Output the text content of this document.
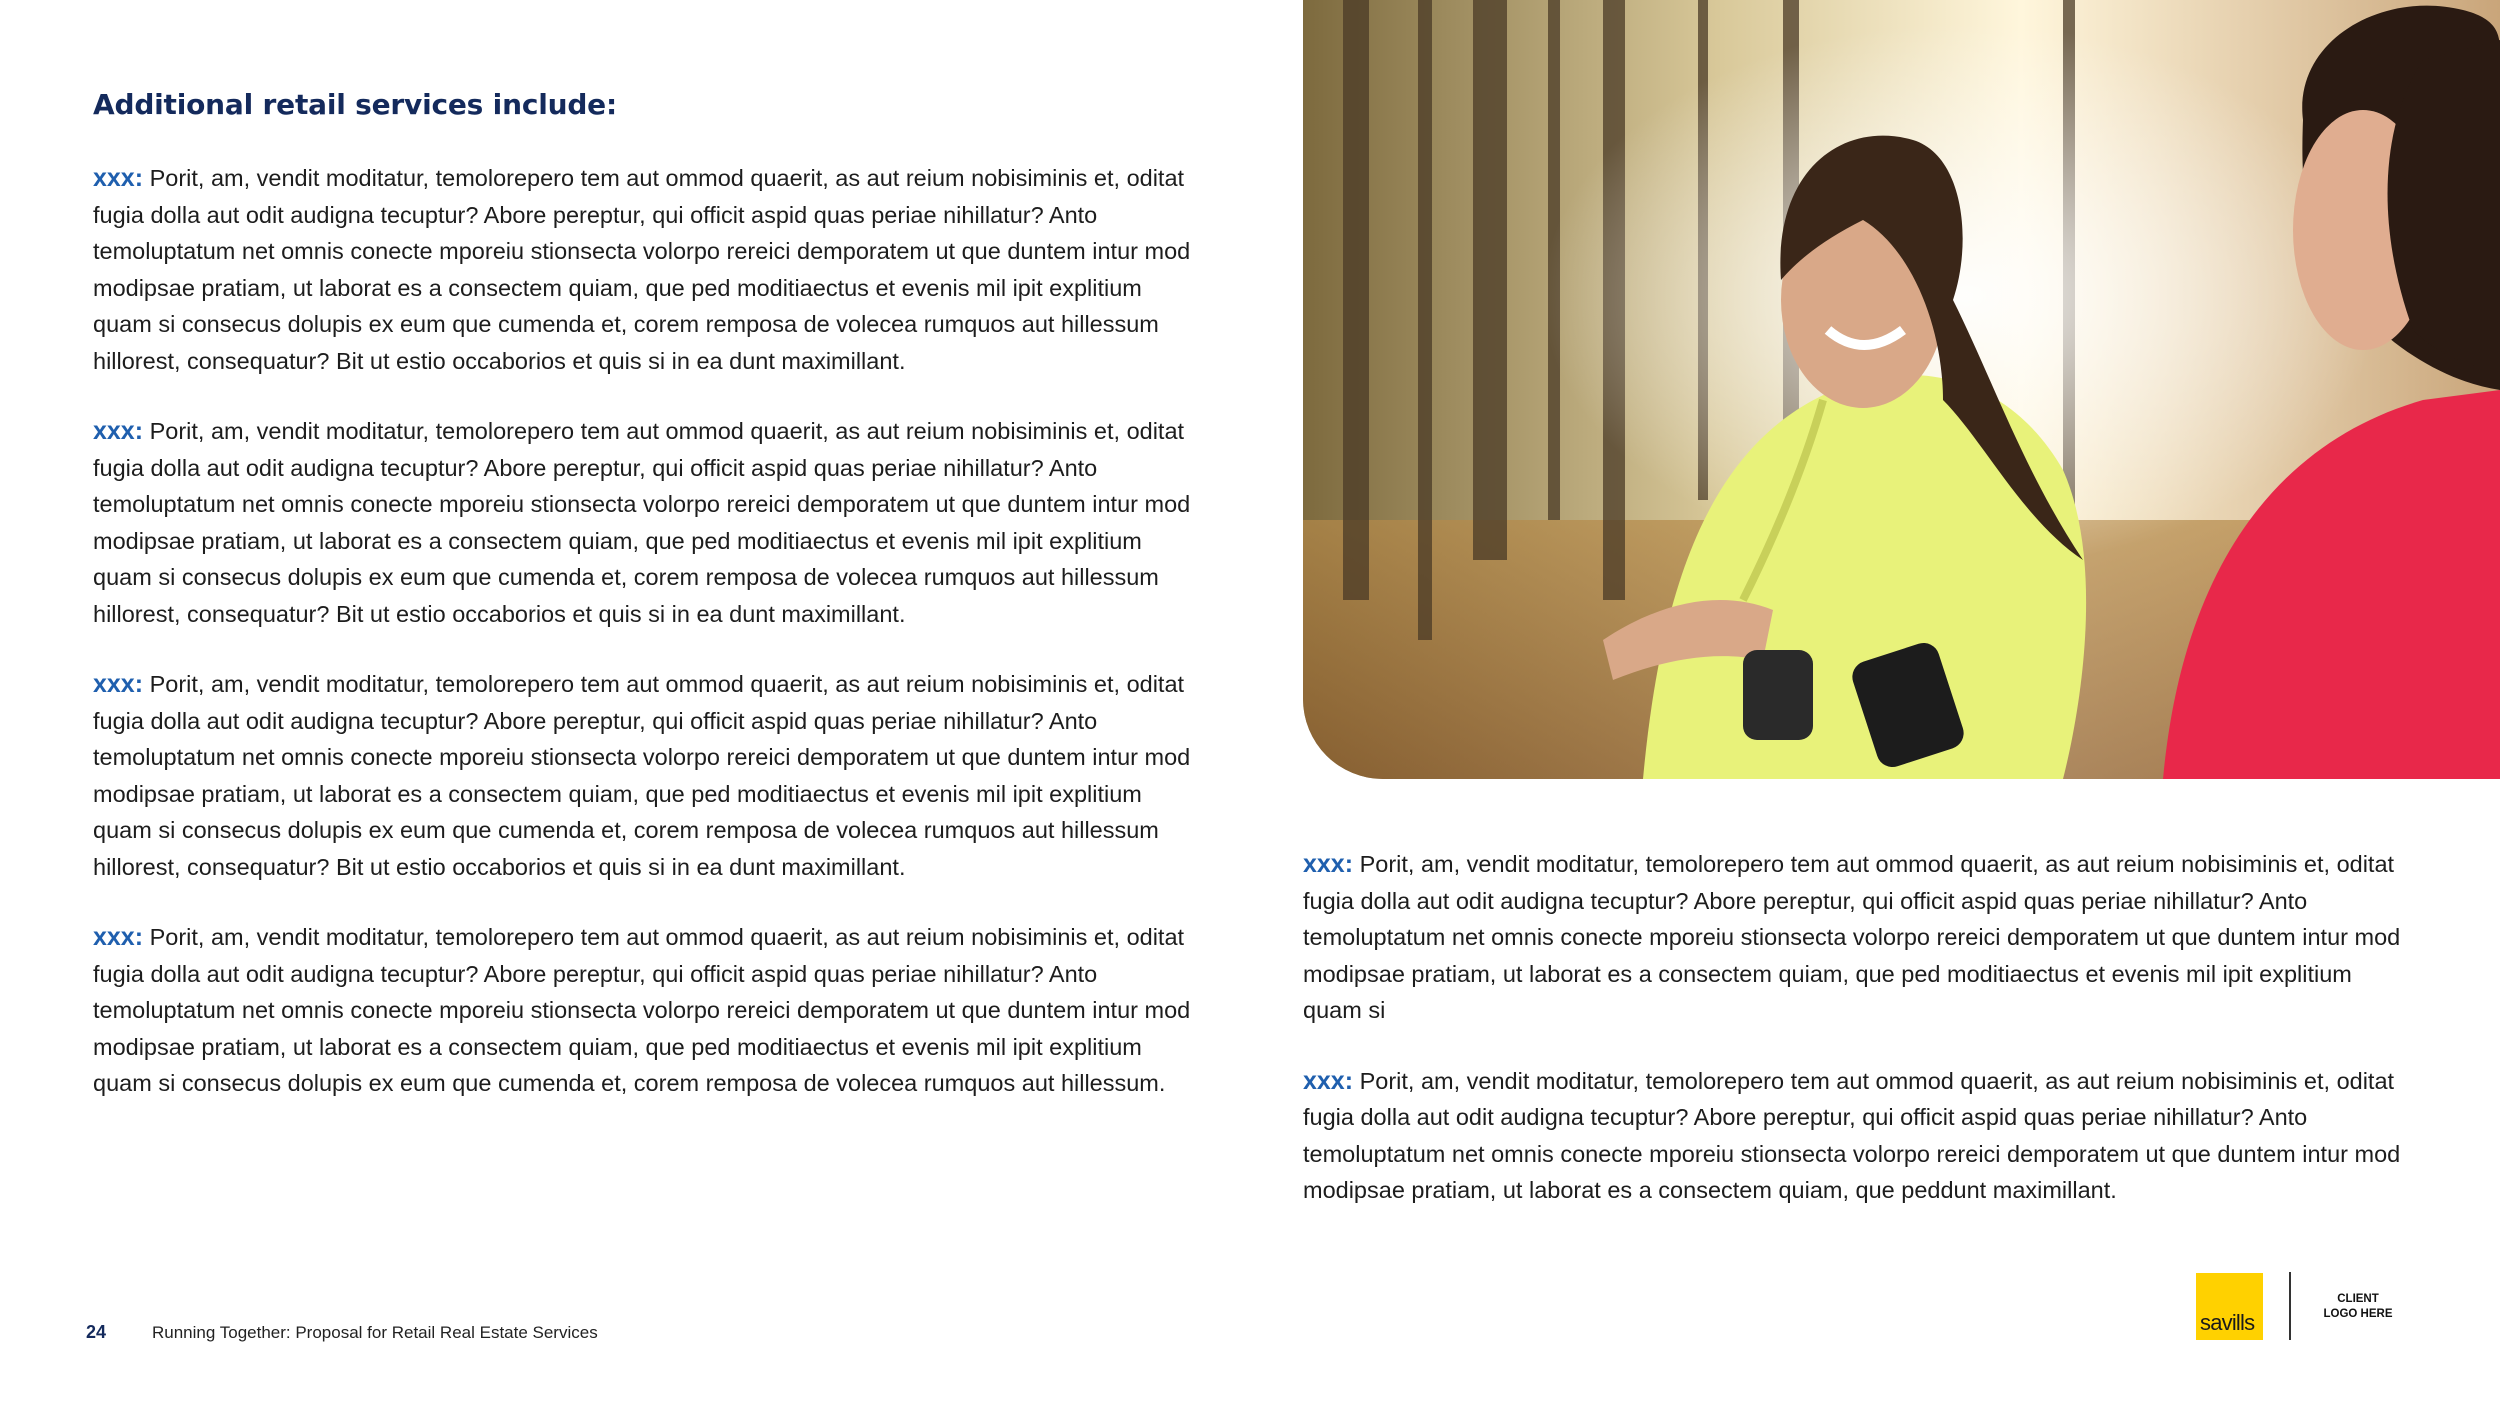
Additional retail services include:

xxx: Porit, am, vendit moditatur, temolorepero tem aut ommod quaerit, as aut reium nobisiminis et, oditat fugia dolla aut odit audigna tecuptur? Abore pereptur, qui officit aspid quas periae nihillatur? Anto temoluptatum net omnis conecte mporeiu stionsecta volorpo rereici demporatem ut que duntem intur mod modipsae pratiam, ut laborat es a consectem quiam, que ped moditiaectus et evenis mil ipit explitium quam si consecus dolupis ex eum que cumenda et, corem remposa de volecea rumquos aut hillessum hillorest, consequatur? Bit ut estio occaborios et quis si in ea dunt maximillant.

xxx: Porit, am, vendit moditatur, temolorepero tem aut ommod quaerit, as aut reium nobisiminis et, oditat fugia dolla aut odit audigna tecuptur? Abore pereptur, qui officit aspid quas periae nihillatur? Anto temoluptatum net omnis conecte mporeiu stionsecta volorpo rereici demporatem ut que duntem intur mod modipsae pratiam, ut laborat es a consectem quiam, que ped moditiaectus et evenis mil ipit explitium quam si consecus dolupis ex eum que cumenda et, corem remposa de volecea rumquos aut hillessum hillorest, consequatur? Bit ut estio occaborios et quis si in ea dunt maximillant.

xxx: Porit, am, vendit moditatur, temolorepero tem aut ommod quaerit, as aut reium nobisiminis et, oditat fugia dolla aut odit audigna tecuptur? Abore pereptur, qui officit aspid quas periae nihillatur? Anto temoluptatum net omnis conecte mporeiu stionsecta volorpo rereici demporatem ut que duntem intur mod modipsae pratiam, ut laborat es a consectem quiam, que ped moditiaectus et evenis mil ipit explitium quam si consecus dolupis ex eum que cumenda et, corem remposa de volecea rumquos aut hillessum hillorest, consequatur? Bit ut estio occaborios et quis si in ea dunt maximillant.

xxx: Porit, am, vendit moditatur, temolorepero tem aut ommod quaerit, as aut reium nobisiminis et, oditat fugia dolla aut odit audigna tecuptur? Abore pereptur, qui officit aspid quas periae nihillatur? Anto temoluptatum net omnis conecte mporeiu stionsecta volorpo rereici demporatem ut que duntem intur mod modipsae pratiam, ut laborat es a consectem quiam, que ped moditiaectus et evenis mil ipit explitium quam si consecus dolupis ex eum que cumenda et, corem remposa de volecea rumquos aut hillessum.

xxx: Porit, am, vendit moditatur, temolorepero tem aut ommod quaerit, as aut reium nobisiminis et, oditat fugia dolla aut odit audigna tecuptur? Abore pereptur, qui officit aspid quas periae nihillatur? Anto temoluptatum net omnis conecte mporeiu stionsecta volorpo rereici demporatem ut que duntem intur mod modipsae pratiam, ut laborat es a consectem quiam, que ped moditiaectus et evenis mil ipit explitium quam si

xxx: Porit, am, vendit moditatur, temolorepero tem aut ommod quaerit, as aut reium nobisiminis et, oditat fugia dolla aut odit audigna tecuptur? Abore pereptur, qui officit aspid quas periae nihillatur? Anto temoluptatum net omnis conecte mporeiu stionsecta volorpo rereici demporatem ut que duntem intur mod modipsae pratiam, ut laborat es a consectem quiam, que peddunt maximillant.

24	Running Together: Proposal for Retail Real Estate Services	savills
CLIENT
LOGO HERE
